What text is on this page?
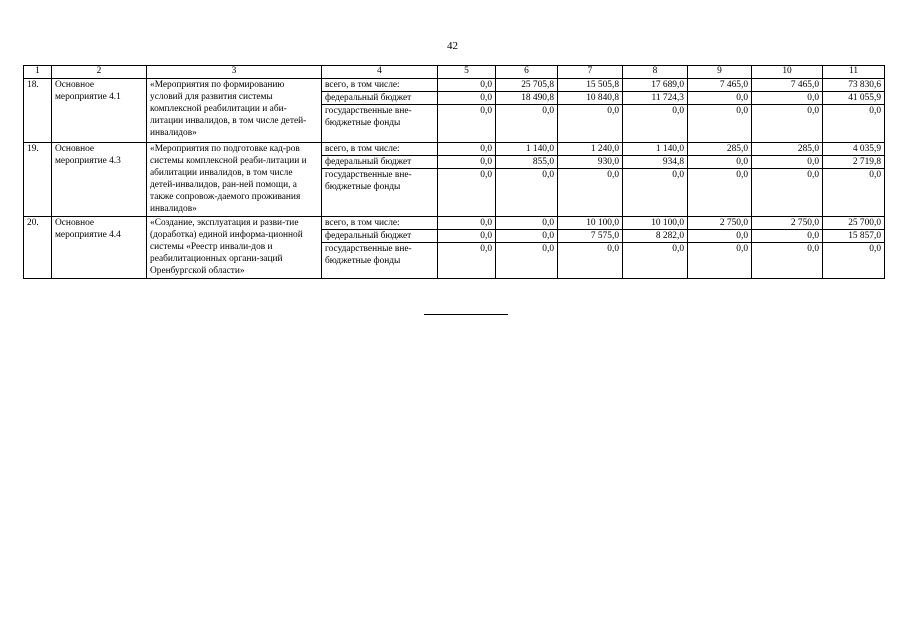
42
1	2	3	4	5	6	7	8	9	10	11
18.	Основное мероприятие 4.1	«Мероприятия по формированию условий для развития системы комплексной реабилитации и аби-литации инвалидов, в том числе детей-инвалидов»	всего, в том числе:	0,0	25 705,8	15 505,8	17 689,0	7 465,0	7 465,0	73 830,6
			федеральный бюджет	0,0	18 490,8	10 840,8	11 724,3	0,0	0,0	41 055,9
			государственные вне-бюджетные фонды	0,0	0,0	0,0	0,0	0,0	0,0	0,0
19.	Основное мероприятие 4.3	«Мероприятия по подготовке кад-ров системы комплексной реаби-литации и абилитации инвалидов, в том числе детей-инвалидов, ран-ней помощи, а также сопровож-даемого проживания инвалидов»	всего, в том числе:	0,0	1 140,0	1 240,0	1 140,0	285,0	285,0	4 035,9
			федеральный бюджет	0,0	855,0	930,0	934,8	0,0	0,0	2 719,8
			государственные вне-бюджетные фонды	0,0	0,0	0,0	0,0	0,0	0,0	0,0
20.	Основное мероприятие 4.4	«Создание, эксплуатация и разви-тие (доработка) единой информа-ционной системы «Реестр инвали-дов и реабилитационных органи-заций Оренбургской области»	всего, в том числе:	0,0	0,0	10 100,0	10 100,0	2 750,0	2 750,0	25 700,0
			федеральный бюджет	0,0	0,0	7 575,0	8 282,0	0,0	0,0	15 857,0
			государственные вне-бюджетные фонды	0,0	0,0	0,0	0,0	0,0	0,0	0,0
